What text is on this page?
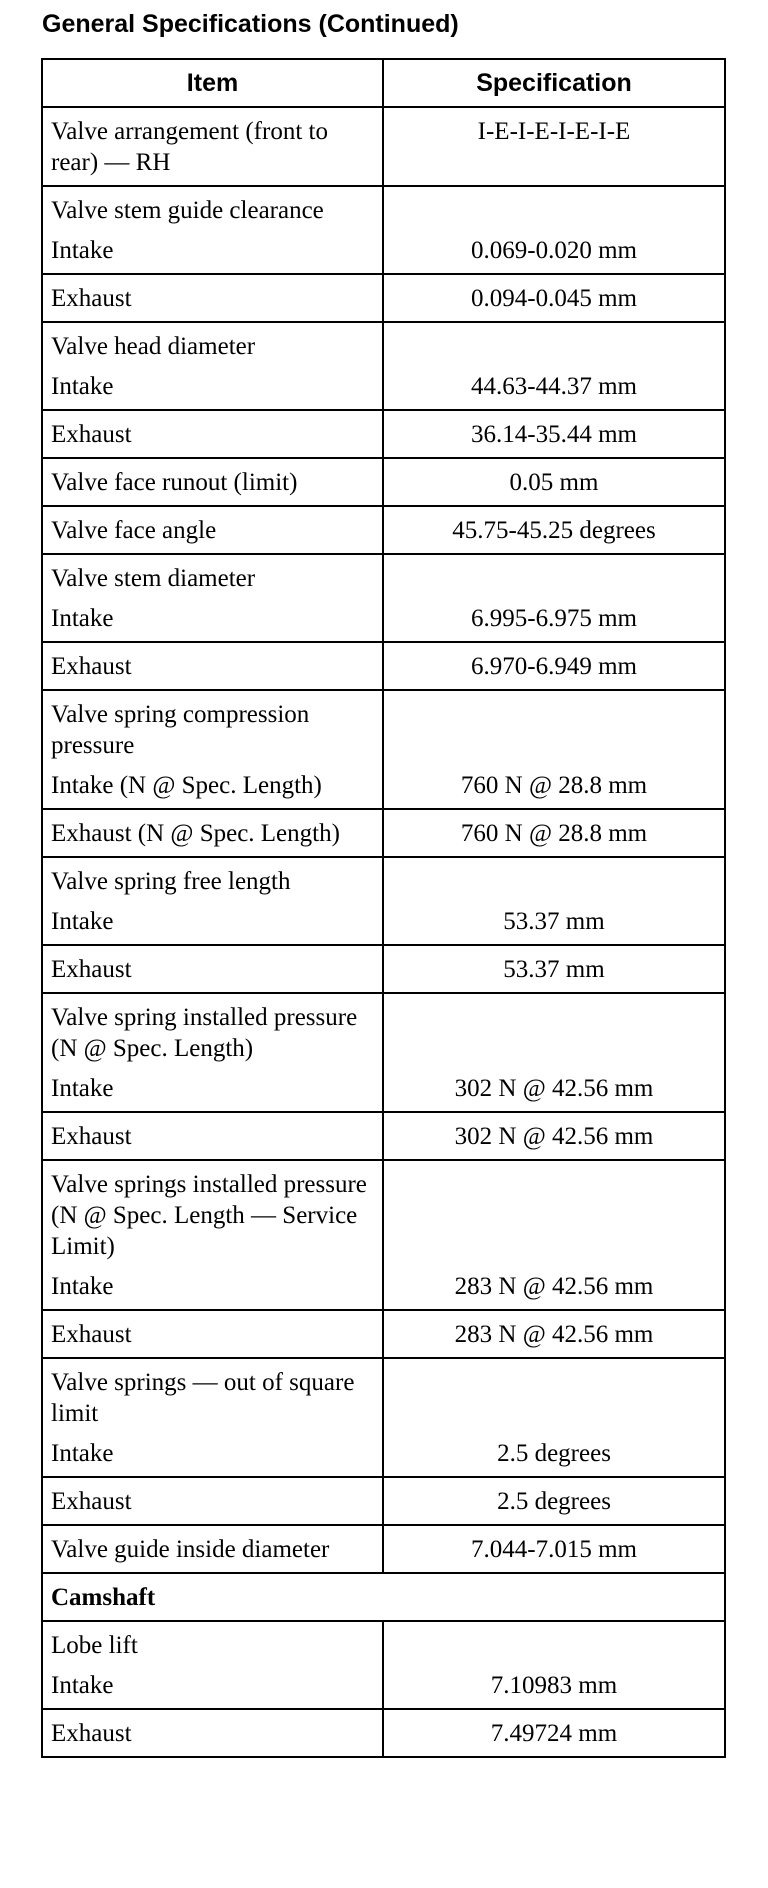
General Specifications (Continued)
Item	Specification
Valve arrangement (front to rear) — RH	I-E-I-E-I-E-I-E
Valve stem guide clearance	
Intake	0.069-0.020 mm
Exhaust	0.094-0.045 mm
Valve head diameter	
Intake	44.63-44.37 mm
Exhaust	36.14-35.44 mm
Valve face runout (limit)	0.05 mm
Valve face angle	45.75-45.25 degrees
Valve stem diameter	
Intake	6.995-6.975 mm
Exhaust	6.970-6.949 mm
Valve spring compression pressure	
Intake (N @ Spec. Length)	760 N @ 28.8 mm
Exhaust (N @ Spec. Length)	760 N @ 28.8 mm
Valve spring free length	
Intake	53.37 mm
Exhaust	53.37 mm
Valve spring installed pressure (N @ Spec. Length)	
Intake	302 N @ 42.56 mm
Exhaust	302 N @ 42.56 mm
Valve springs installed pressure (N @ Spec. Length — Service Limit)	
Intake	283 N @ 42.56 mm
Exhaust	283 N @ 42.56 mm
Valve springs — out of square limit	
Intake	2.5 degrees
Exhaust	2.5 degrees
Valve guide inside diameter	7.044-7.015 mm
Camshaft	
Lobe lift	
Intake	7.10983 mm
Exhaust	7.49724 mm
